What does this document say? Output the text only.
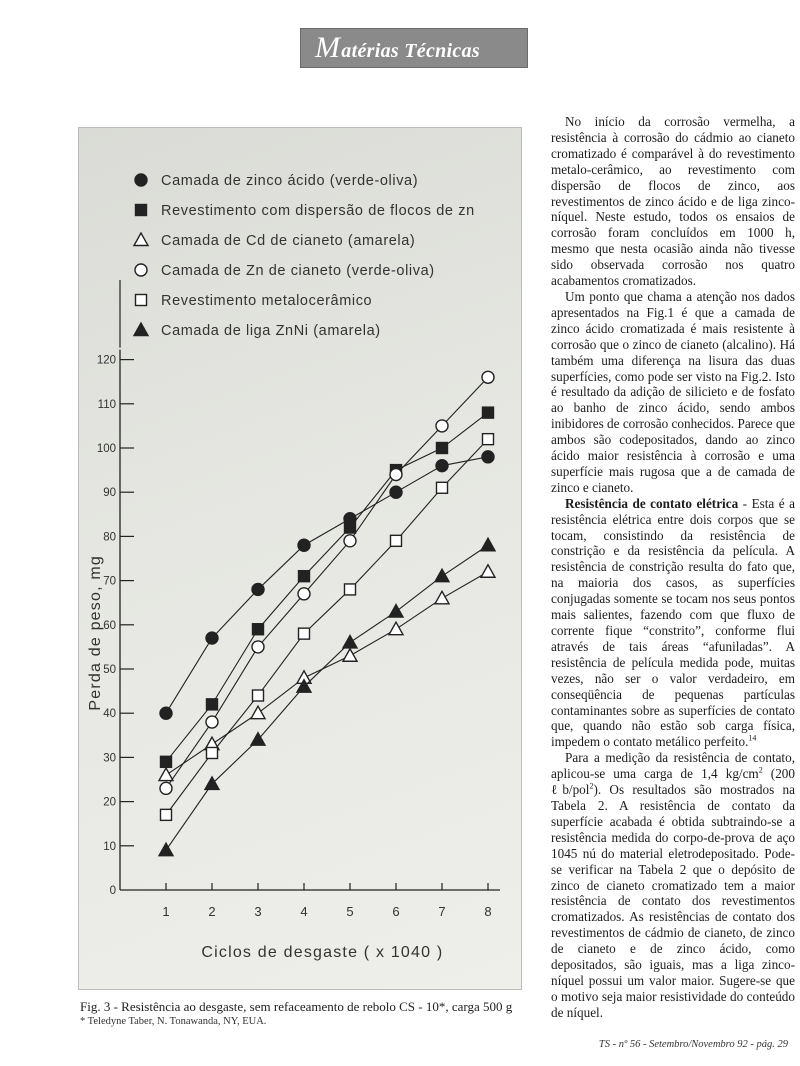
Matérias Técnicas
0
10
20
30
40
50
60
70
80
90
100
110
120
1	2	3	4	5	6	7	8
Perda de peso, mg
Ciclos de desgaste ( x 1040 )
Camada de zinco ácido (verde-oliva)
Revestimento com dispersão de flocos de zn
Camada de Cd de cianeto (amarela)
Camada de Zn de cianeto (verde-oliva)
Revestimento metalocerâmico
Camada de liga ZnNi (amarela)
Fig. 3 - Resistência ao desgaste, sem refaceamento de rebolo CS - 10*, carga 500 g
* Teledyne Taber, N. Tonawanda, NY, EUA.

No início da corrosão vermelha, a resistência à corrosão do cádmio ao cianeto cromatizado é comparável à do revestimento metalo-cerâmico, ao revestimento com dispersão de flocos de zinco, aos revestimentos de zinco ácido e de liga zinco-níquel. Neste estudo, todos os ensaios de corrosão foram concluídos em 1000 h, mesmo que nesta ocasião ainda não tivesse sido observada corrosão nos quatro acabamentos cromatizados.

Um ponto que chama a atenção nos dados apresentados na Fig.1 é que a camada de zinco ácido cromatizada é mais resistente à corrosão que o zinco de cianeto (alcalino). Há também uma diferença na lisura das duas superfícies, como pode ser visto na Fig.2. Isto é resultado da adição de silicieto e de fosfato ao banho de zinco ácido, sendo ambos inibidores de corrosão conhecidos. Parece que ambos são codepositados, dando ao zinco ácido maior resistência à corrosão e uma superfície mais rugosa que a de camada de zinco e cianeto.

Resistência de contato elétrica - Esta é a resistência elétrica entre dois corpos que se tocam, consistindo da resistência de constrição e da resistência da película. A resistência de constrição resulta do fato que, na maioria dos casos, as superfícies conjugadas somente se tocam nos seus pontos mais salientes, fazendo com que fluxo de corrente fique “constrito”, conforme flui através de tais áreas “afuniladas”. A resistência de película medida pode, muitas vezes, não ser o valor verdadeiro, em conseqüência de pequenas partículas contaminantes sobre as superfícies de contato que, quando não estão sob carga física, impedem o contato metálico perfeito.$^{14}$

Para a medição da resistência de contato, aplicou-se uma carga de 1,4 $kg/cm^2$ (200 ℓb/pol$^2$). Os resultados são mostrados na Tabela 2. A resistência de contato da superfície acabada é obtida subtraindo-se a resistência medida do corpo-de-prova de aço 1045 nú do material eletrodepositado. Pode-se verificar na Tabela 2 que o depósito de zinco de cianeto cromatizado tem a maior resistência de contato dos revestimentos cromatizados. As resistências de contato dos revestimentos de cádmio de cianeto, de zinco de cianeto e de zinco ácido, como depositados, são iguais, mas a liga zinco-níquel possui um valor maior. Sugere-se que o motivo seja maior resistividade do conteúdo de níquel.

TS - nº 56 - Setembro/Novembro 92 - pág. 29
